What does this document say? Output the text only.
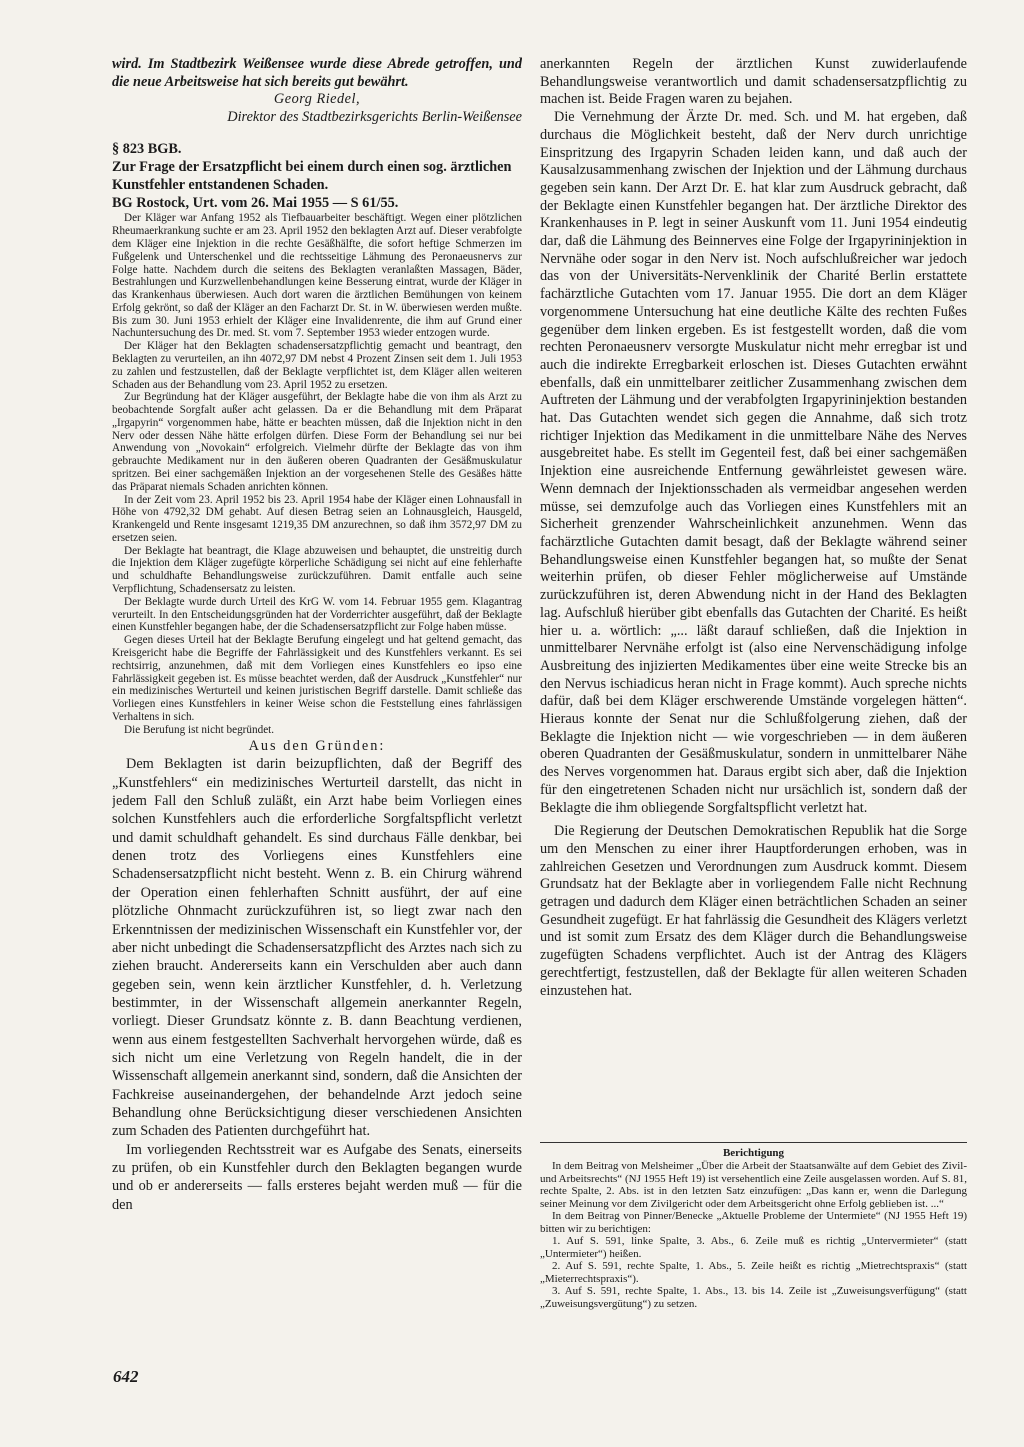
wird. Im Stadtbezirk Weißensee wurde diese Abrede getroffen, und die neue Arbeitsweise hat sich bereits gut bewährt.

Georg Riedel,

Direktor des Stadtbezirksgerichts Berlin-Weißensee

§ 823 BGB.

Zur Frage der Ersatzpflicht bei einem durch einen sog. ärztlichen Kunstfehler entstandenen Schaden.

BG Rostock, Urt. vom 26. Mai 1955 — S 61/55.

Der Kläger war Anfang 1952 als Tiefbauarbeiter beschäftigt. Wegen einer plötzlichen Rheumaerkrankung suchte er am 23. April 1952 den beklagten Arzt auf. Dieser verabfolgte dem Kläger eine Injektion in die rechte Gesäßhälfte, die sofort heftige Schmerzen im Fußgelenk und Unterschenkel und die rechtsseitige Lähmung des Peronaeusnervs zur Folge hatte. Nachdem durch die seitens des Beklagten veranlaßten Massagen, Bäder, Bestrahlungen und Kurzwellenbehandlungen keine Besserung eintrat, wurde der Kläger in das Krankenhaus überwiesen. Auch dort waren die ärztlichen Bemühungen von keinem Erfolg gekrönt, so daß der Kläger an den Facharzt Dr. St. in W. überwiesen werden mußte. Bis zum 30. Juni 1953 erhielt der Kläger eine Invalidenrente, die ihm auf Grund einer Nachuntersuchung des Dr. med. St. vom 7. September 1953 wieder entzogen wurde.

Der Kläger hat den Beklagten schadensersatzpflichtig gemacht und beantragt, den Beklagten zu verurteilen, an ihn 4072,97 DM nebst 4 Prozent Zinsen seit dem 1. Juli 1953 zu zahlen und festzustellen, daß der Beklagte verpflichtet ist, dem Kläger allen weiteren Schaden aus der Behandlung vom 23. April 1952 zu ersetzen.

Zur Begründung hat der Kläger ausgeführt, der Beklagte habe die von ihm als Arzt zu beobachtende Sorgfalt außer acht gelassen. Da er die Behandlung mit dem Präparat „Irgapyrin“ vorgenommen habe, hätte er beachten müssen, daß die Injektion nicht in den Nerv oder dessen Nähe hätte erfolgen dürfen. Diese Form der Behandlung sei nur bei Anwendung von „Novokain“ erfolgreich. Vielmehr dürfte der Beklagte das von ihm gebrauchte Medikament nur in den äußeren oberen Quadranten der Gesäßmuskulatur spritzen. Bei einer sachgemäßen Injektion an der vorgesehenen Stelle des Gesäßes hätte das Präparat niemals Schaden anrichten können.

In der Zeit vom 23. April 1952 bis 23. April 1954 habe der Kläger einen Lohnausfall in Höhe von 4792,32 DM gehabt. Auf diesen Betrag seien an Lohnausgleich, Hausgeld, Krankengeld und Rente insgesamt 1219,35 DM anzurechnen, so daß ihm 3572,97 DM zu ersetzen seien.

Der Beklagte hat beantragt, die Klage abzuweisen und behauptet, die unstreitig durch die Injektion dem Kläger zugefügte körperliche Schädigung sei nicht auf eine fehlerhafte und schuldhafte Behandlungsweise zurückzuführen. Damit entfalle auch seine Verpflichtung, Schadensersatz zu leisten.

Der Beklagte wurde durch Urteil des KrG W. vom 14. Februar 1955 gem. Klagantrag verurteilt. In den Entscheidungsgründen hat der Vorderrichter ausgeführt, daß der Beklagte einen Kunstfehler begangen habe, der die Schadensersatzpflicht zur Folge haben müsse.

Gegen dieses Urteil hat der Beklagte Berufung eingelegt und hat geltend gemacht, das Kreisgericht habe die Begriffe der Fahrlässigkeit und des Kunstfehlers verkannt. Es sei rechtsirrig, anzunehmen, daß mit dem Vorliegen eines Kunstfehlers eo ipso eine Fahrlässigkeit gegeben ist. Es müsse beachtet werden, daß der Ausdruck „Kunstfehler“ nur ein medizinisches Werturteil und keinen juristischen Begriff darstelle. Damit schließe das Vorliegen eines Kunstfehlers in keiner Weise schon die Feststellung eines fahrlässigen Verhaltens in sich.

Die Berufung ist nicht begründet.

Aus den Gründen:

Dem Beklagten ist darin beizupflichten, daß der Begriff des „Kunstfehlers“ ein medizinisches Werturteil darstellt, das nicht in jedem Fall den Schluß zuläßt, ein Arzt habe beim Vorliegen eines solchen Kunstfehlers auch die erforderliche Sorgfaltspflicht verletzt und damit schuldhaft gehandelt. Es sind durchaus Fälle denkbar, bei denen trotz des Vorliegens eines Kunstfehlers eine Schadensersatzpflicht nicht besteht. Wenn z. B. ein Chirurg während der Operation einen fehlerhaften Schnitt ausführt, der auf eine plötzliche Ohnmacht zurückzuführen ist, so liegt zwar nach den Erkenntnissen der medizinischen Wissenschaft ein Kunstfehler vor, der aber nicht unbedingt die Schadensersatzpflicht des Arztes nach sich zu ziehen braucht. Andererseits kann ein Verschulden aber auch dann gegeben sein, wenn kein ärztlicher Kunstfehler, d. h. Verletzung bestimmter, in der Wissenschaft allgemein anerkannter Regeln, vorliegt. Dieser Grundsatz könnte z. B. dann Beachtung verdienen, wenn aus einem festgestellten Sachverhalt hervorgehen würde, daß es sich nicht um eine Verletzung von Regeln handelt, die in der Wissenschaft allgemein anerkannt sind, sondern, daß die Ansichten der Fachkreise auseinandergehen, der behandelnde Arzt jedoch seine Behandlung ohne Berücksichtigung dieser verschiedenen Ansichten zum Schaden des Patienten durchgeführt hat.

Im vorliegenden Rechtsstreit war es Aufgabe des Senats, einerseits zu prüfen, ob ein Kunstfehler durch den Beklagten begangen wurde und ob er andererseits — falls ersteres bejaht werden muß — für die den

anerkannten Regeln der ärztlichen Kunst zuwiderlaufende Behandlungsweise verantwortlich und damit schadensersatzpflichtig zu machen ist. Beide Fragen waren zu bejahen.

Die Vernehmung der Ärzte Dr. med. Sch. und M. hat ergeben, daß durchaus die Möglichkeit besteht, daß der Nerv durch unrichtige Einspritzung des Irgapyrin Schaden leiden kann, und daß auch der Kausalzusammenhang zwischen der Injektion und der Lähmung durchaus gegeben sein kann. Der Arzt Dr. E. hat klar zum Ausdruck gebracht, daß der Beklagte einen Kunstfehler begangen hat. Der ärztliche Direktor des Krankenhauses in P. legt in seiner Auskunft vom 11. Juni 1954 eindeutig dar, daß die Lähmung des Beinnerves eine Folge der Irgapyrininjektion in Nervnähe oder sogar in den Nerv ist. Noch aufschlußreicher war jedoch das von der Universitäts-Nervenklinik der Charité Berlin erstattete fachärztliche Gutachten vom 17. Januar 1955. Die dort an dem Kläger vorgenommene Untersuchung hat eine deutliche Kälte des rechten Fußes gegenüber dem linken ergeben. Es ist festgestellt worden, daß die vom rechten Peronaeusnerv versorgte Muskulatur nicht mehr erregbar ist und auch die indirekte Erregbarkeit erloschen ist. Dieses Gutachten erwähnt ebenfalls, daß ein unmittelbarer zeitlicher Zusammenhang zwischen dem Auftreten der Lähmung und der verabfolgten Irgapyrininjektion bestanden hat. Das Gutachten wendet sich gegen die Annahme, daß sich trotz richtiger Injektion das Medikament in die unmittelbare Nähe des Nerves ausgebreitet habe. Es stellt im Gegenteil fest, daß bei einer sachgemäßen Injektion eine ausreichende Entfernung gewährleistet gewesen wäre. Wenn demnach der Injektionsschaden als vermeidbar angesehen werden müsse, sei demzufolge auch das Vorliegen eines Kunstfehlers mit an Sicherheit grenzender Wahrscheinlichkeit anzunehmen. Wenn das fachärztliche Gutachten damit besagt, daß der Beklagte während seiner Behandlungsweise einen Kunstfehler begangen hat, so mußte der Senat weiterhin prüfen, ob dieser Fehler möglicherweise auf Umstände zurückzuführen ist, deren Abwendung nicht in der Hand des Beklagten lag. Aufschluß hierüber gibt ebenfalls das Gutachten der Charité. Es heißt hier u. a. wörtlich: „... läßt darauf schließen, daß die Injektion in unmittelbarer Nervnähe erfolgt ist (also eine Nervenschädigung infolge Ausbreitung des injizierten Medikamentes über eine weite Strecke bis an den Nervus ischiadicus heran nicht in Frage kommt). Auch spreche nichts dafür, daß bei dem Kläger erschwerende Umstände vorgelegen hätten“. Hieraus konnte der Senat nur die Schlußfolgerung ziehen, daß der Beklagte die Injektion nicht — wie vorgeschrieben — in dem äußeren oberen Quadranten der Gesäßmuskulatur, sondern in unmittelbarer Nähe des Nerves vorgenommen hat. Daraus ergibt sich aber, daß die Injektion für den eingetretenen Schaden nicht nur ursächlich ist, sondern daß der Beklagte die ihm obliegende Sorgfaltspflicht verletzt hat.

Die Regierung der Deutschen Demokratischen Republik hat die Sorge um den Menschen zu einer ihrer Hauptforderungen erhoben, was in zahlreichen Gesetzen und Verordnungen zum Ausdruck kommt. Diesem Grundsatz hat der Beklagte aber in vorliegendem Falle nicht Rechnung getragen und dadurch dem Kläger einen beträchtlichen Schaden an seiner Gesundheit zugefügt. Er hat fahrlässig die Gesundheit des Klägers verletzt und ist somit zum Ersatz des dem Kläger durch die Behandlungsweise zugefügten Schadens verpflichtet. Auch ist der Antrag des Klägers gerechtfertigt, festzustellen, daß der Beklagte für allen weiteren Schaden einzustehen hat.

Berichtigung

In dem Beitrag von Melsheimer „Über die Arbeit der Staatsanwälte auf dem Gebiet des Zivil- und Arbeitsrechts“ (NJ 1955 Heft 19) ist versehentlich eine Zeile ausgelassen worden. Auf S. 81, rechte Spalte, 2. Abs. ist in den letzten Satz einzufügen: „Das kann er, wenn die Darlegung seiner Meinung vor dem Zivilgericht oder dem Arbeitsgericht ohne Erfolg geblieben ist. ...“

In dem Beitrag von Pinner/Benecke „Aktuelle Probleme der Untermiete“ (NJ 1955 Heft 19) bitten wir zu berichtigen:

1. Auf S. 591, linke Spalte, 3. Abs., 6. Zeile muß es richtig „Untervermieter“ (statt „Untermieter“) heißen.

2. Auf S. 591, rechte Spalte, 1. Abs., 5. Zeile heißt es richtig „Mietrechtspraxis“ (statt „Mieterrechtspraxis“).

3. Auf S. 591, rechte Spalte, 1. Abs., 13. bis 14. Zeile ist „Zuweisungsverfügung“ (statt „Zuweisungsvergütung“) zu setzen.

642
